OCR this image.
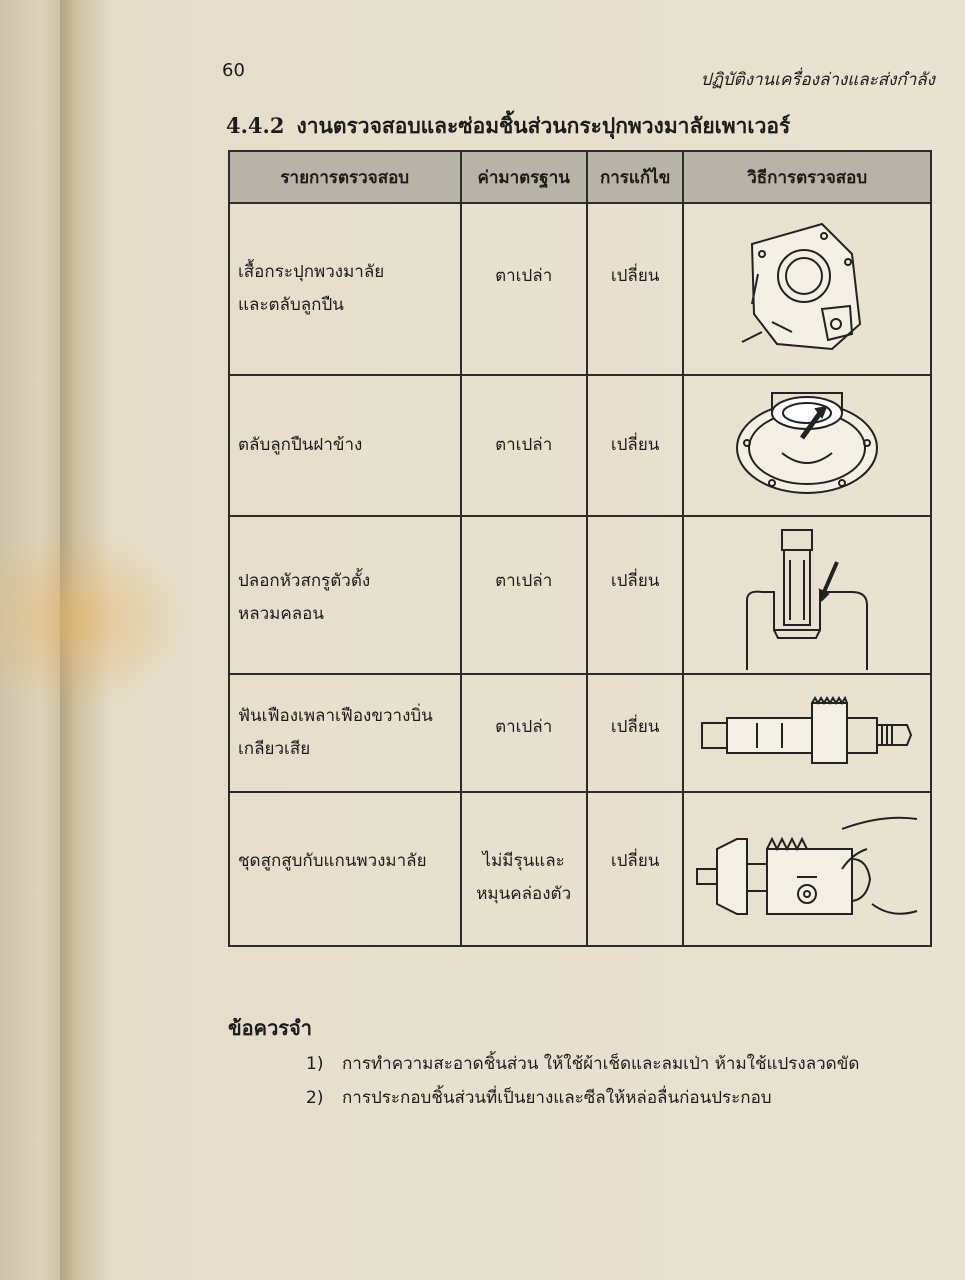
60	ปฏิบัติงานเครื่องล่างและส่งกำลัง
4.4.2 งานตรวจสอบและซ่อมชิ้นส่วนกระปุกพวงมาลัยเพาเวอร์
รายการตรวจสอบ	ค่ามาตรฐาน	การแก้ไข	วิธีการตรวจสอบ

เสื้อกระปุกพวงมาลัย
และตลับลูกปืน	ตาเปล่า	เปลี่ยน	

ตลับลูกปืนฝาข้าง	ตาเปล่า	เปลี่ยน	

ปลอกหัวสกรูตัวตั้ง
หลวมคลอน	ตาเปล่า	เปลี่ยน	

ฟันเฟืองเพลาเฟืองขวางบิ่น
เกลียวเสีย	ตาเปล่า	เปลี่ยน	

ชุดสูกสูบกับแกนพวงมาลัย	ไม่มีรุนและ
หมุนคล่องตัว	เปลี่ยน	
ข้อควรจำ
1) การทำความสะอาดชิ้นส่วน ให้ใช้ผ้าเช็ดและลมเป่า ห้ามใช้แปรงลวดขัด
2) การประกอบชิ้นส่วนที่เป็นยางและซีลให้หล่อลื่นก่อนประกอบ
